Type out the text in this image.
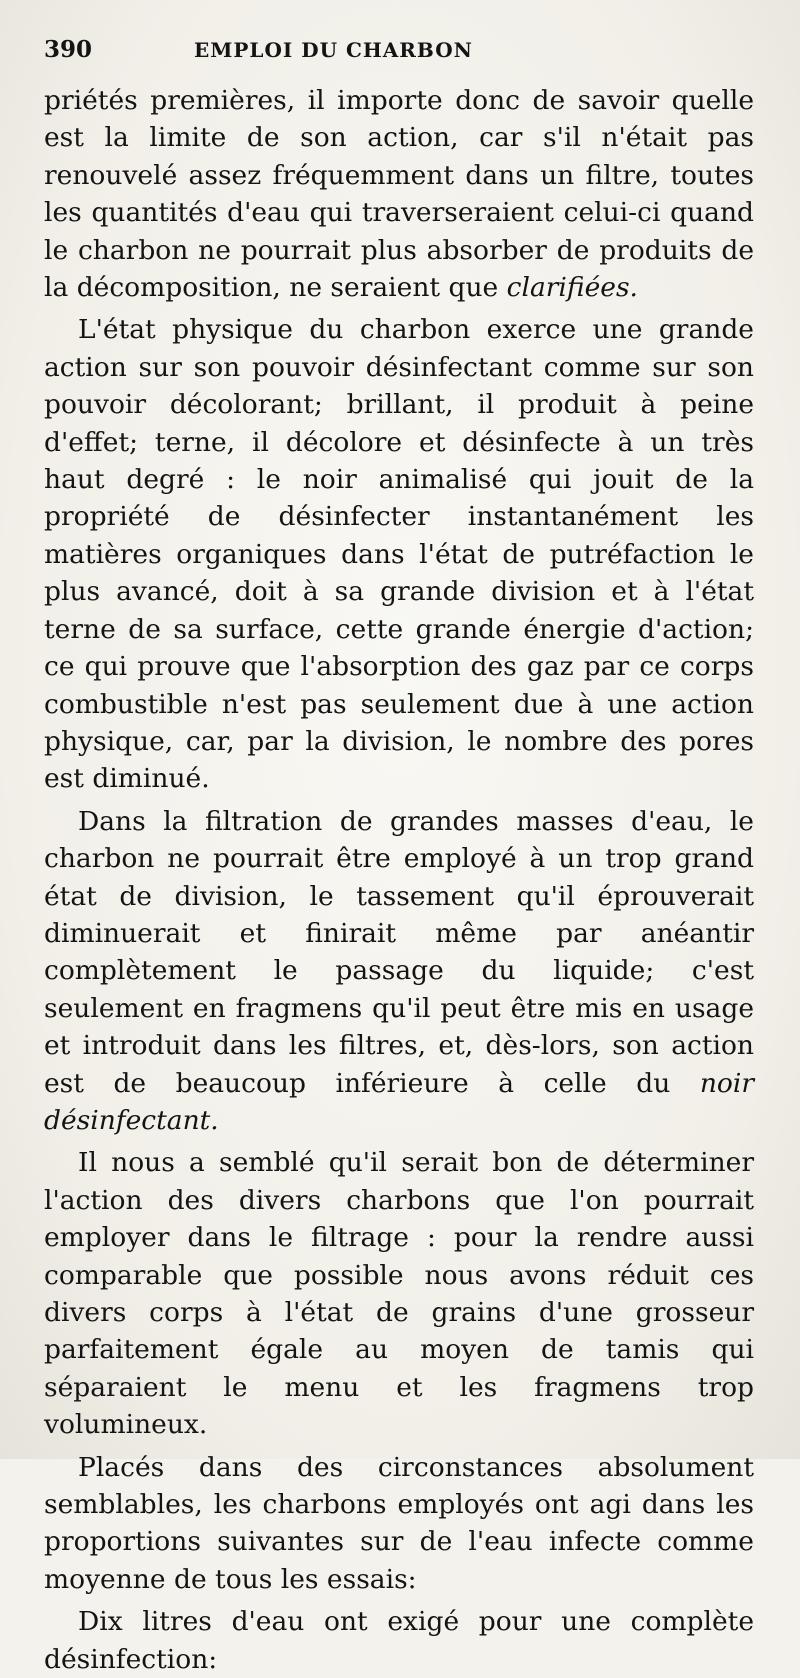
390	EMPLOI DU CHARBON

priétés premières, il importe donc de savoir quelle est la limite de son action, car s'il n'était pas renouvelé assez fréquemment dans un filtre, toutes les quantités d'eau qui traverseraient celui-ci quand le charbon ne pourrait plus absorber de produits de la décomposition, ne seraient que clarifiées.

L'état physique du charbon exerce une grande action sur son pouvoir désinfectant comme sur son pouvoir décolorant; brillant, il produit à peine d'effet; terne, il décolore et désinfecte à un très haut degré : le noir animalisé qui jouit de la propriété de désinfecter instantanément les matières organiques dans l'état de putréfaction le plus avancé, doit à sa grande division et à l'état terne de sa surface, cette grande énergie d'action; ce qui prouve que l'absorption des gaz par ce corps combustible n'est pas seulement due à une action physique, car, par la division, le nombre des pores est diminué.

Dans la filtration de grandes masses d'eau, le charbon ne pourrait être employé à un trop grand état de division, le tassement qu'il éprouverait diminuerait et finirait même par anéantir complètement le passage du liquide; c'est seulement en fragmens qu'il peut être mis en usage et introduit dans les filtres, et, dès-lors, son action est de beaucoup inférieure à celle du noir désinfectant.

Il nous a semblé qu'il serait bon de déterminer l'action des divers charbons que l'on pourrait employer dans le filtrage : pour la rendre aussi comparable que possible nous avons réduit ces divers corps à l'état de grains d'une grosseur parfaitement égale au moyen de tamis qui séparaient le menu et les fragmens trop volumineux.

Placés dans des circonstances absolument semblables, les charbons employés ont agi dans les proportions suivantes sur de l'eau infecte comme moyenne de tous les essais:

Dix litres d'eau ont exigé pour une complète désinfection:
